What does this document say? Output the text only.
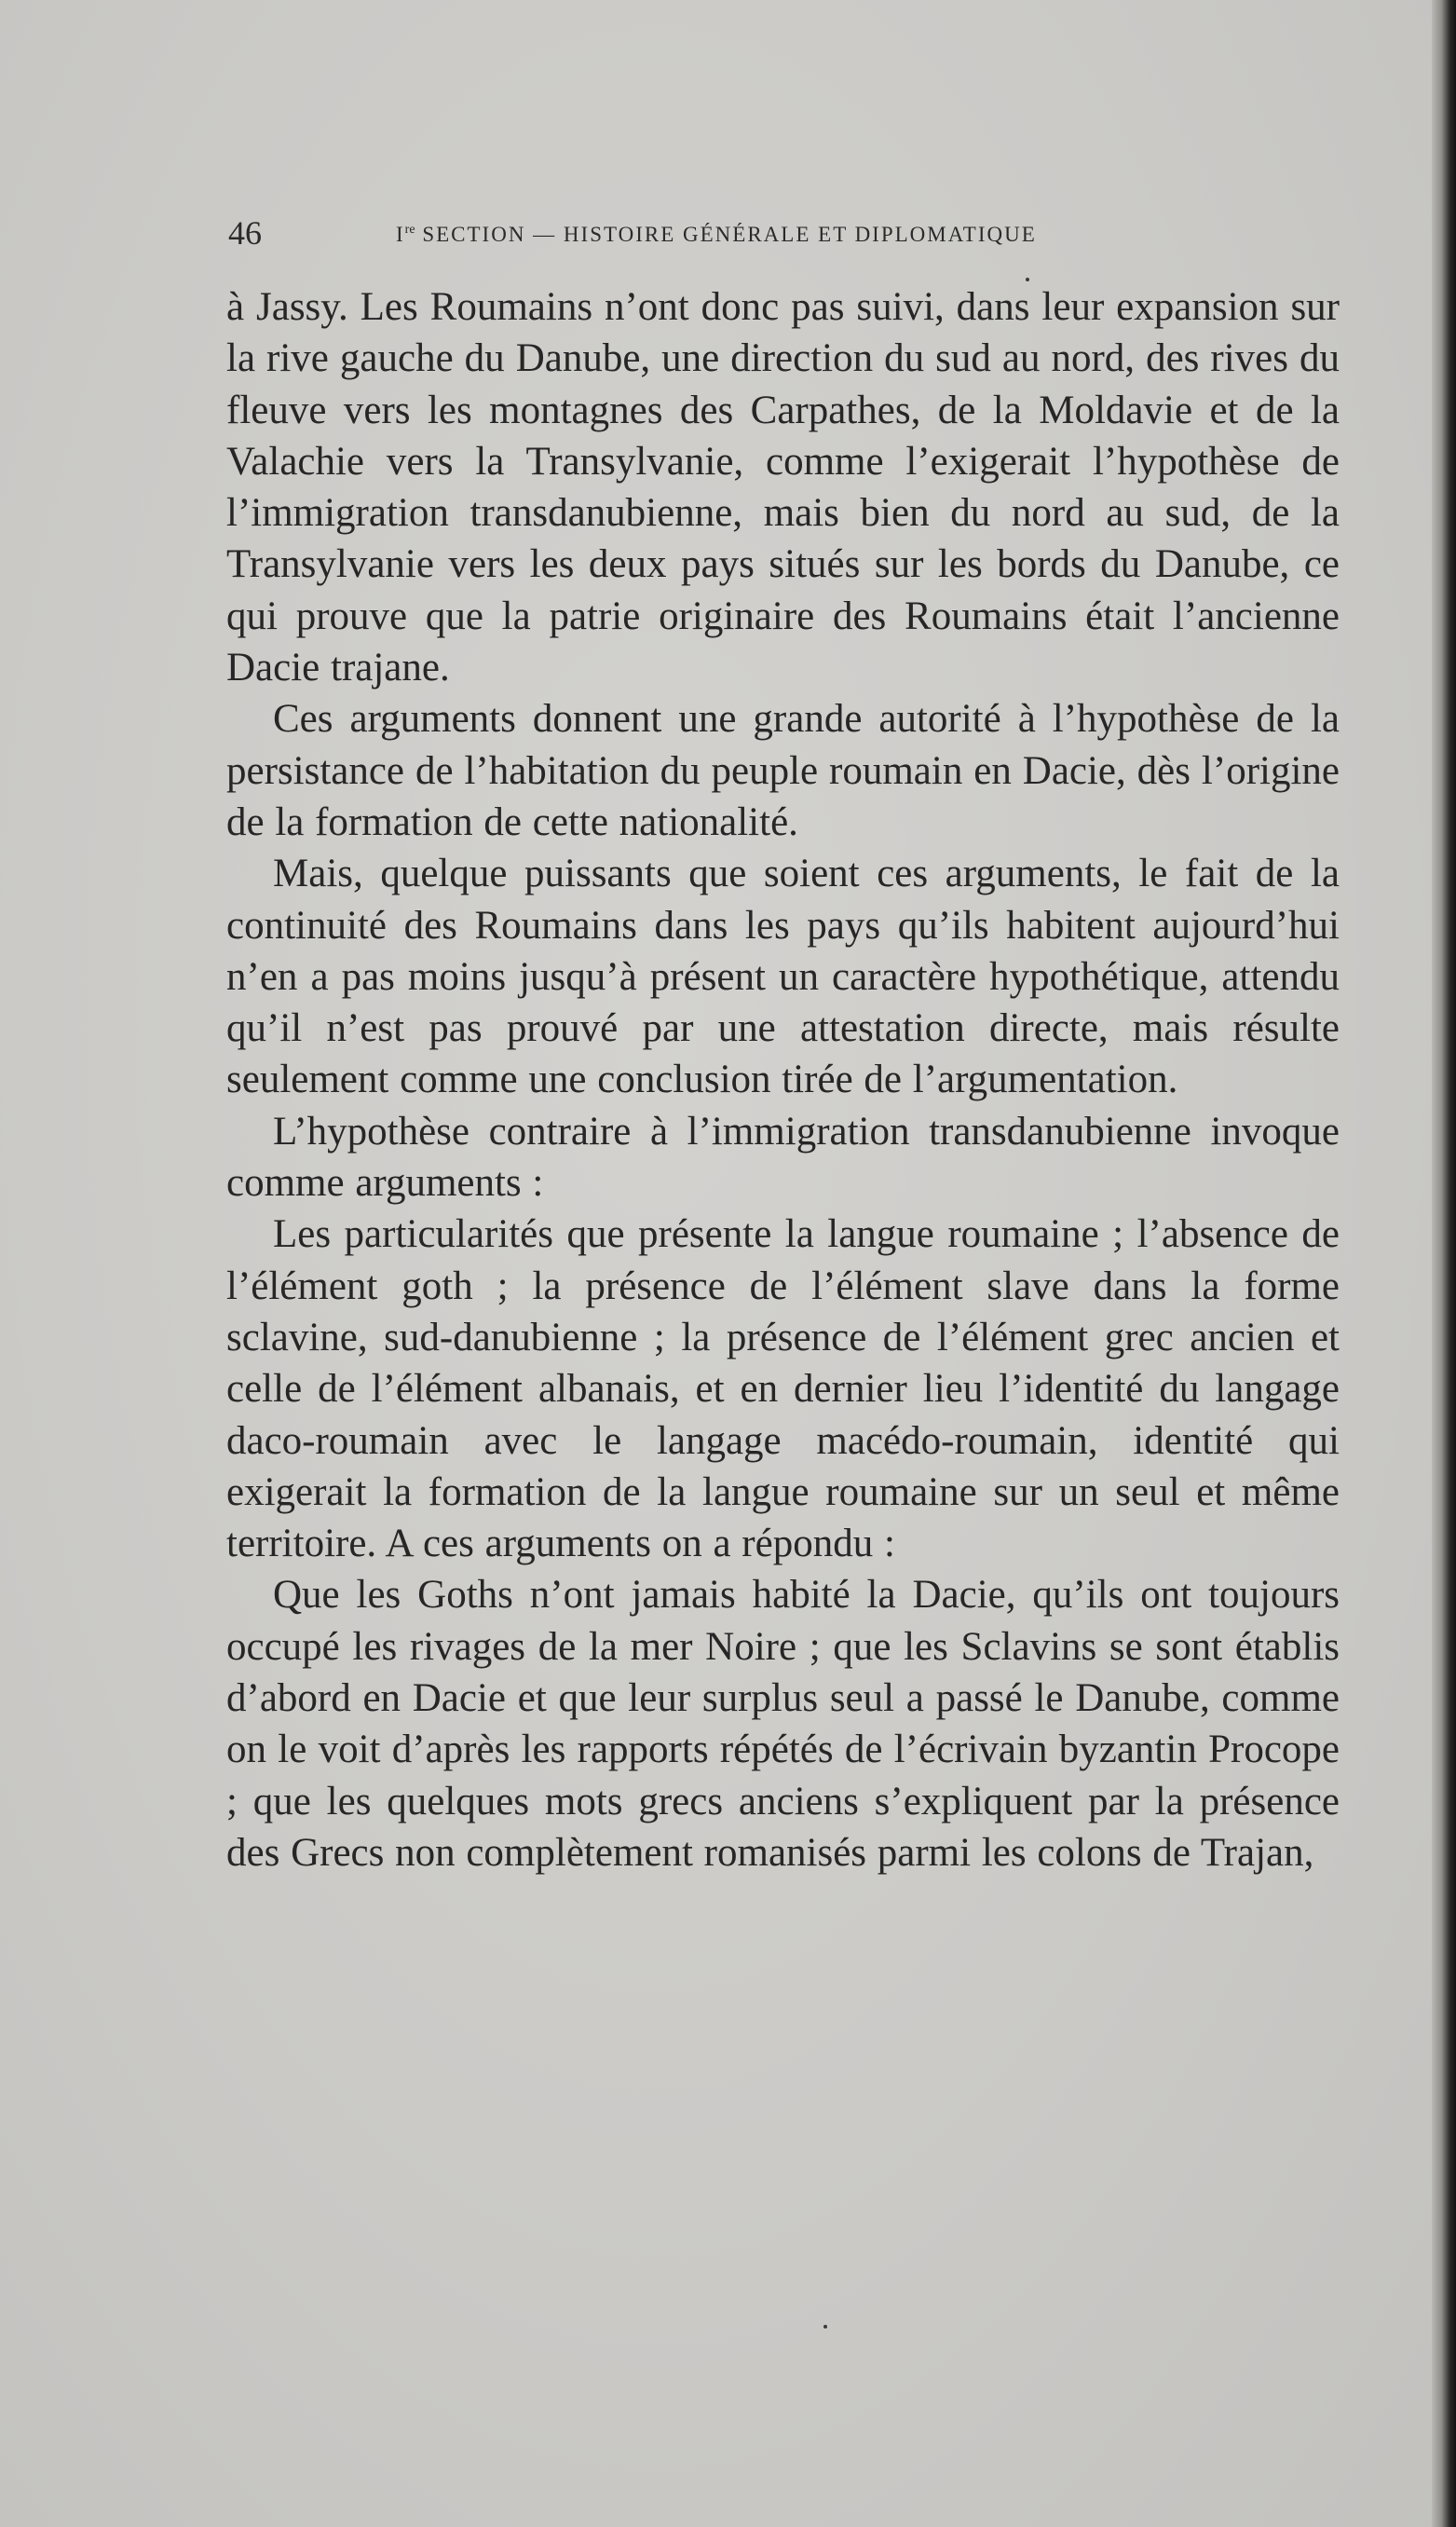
46	Ire SECTION — HISTOIRE GÉNÉRALE ET DIPLOMATIQUE

à Jassy. Les Roumains n’ont donc pas suivi, dans leur expansion sur la rive gauche du Danube, une direction du sud au nord, des rives du fleuve vers les montagnes des Carpathes, de la Moldavie et de la Valachie vers la Transylvanie, comme l’exigerait l’hypothèse de l’immigration transdanubienne, mais bien du nord au sud, de la Transylvanie vers les deux pays situés sur les bords du Danube, ce qui prouve que la patrie originaire des Roumains était l’ancienne Dacie trajane.

Ces arguments donnent une grande autorité à l’hypothèse de la persistance de l’habitation du peuple roumain en Dacie, dès l’origine de la formation de cette nationalité.

Mais, quelque puissants que soient ces arguments, le fait de la continuité des Roumains dans les pays qu’ils habitent aujourd’hui n’en a pas moins jusqu’à présent un caractère hypothétique, attendu qu’il n’est pas prouvé par une attestation directe, mais résulte seulement comme une conclusion tirée de l’argumentation.

L’hypothèse contraire à l’immigration transdanubienne invoque comme arguments :

Les particularités que présente la langue roumaine ; l’absence de l’élément goth ; la présence de l’élément slave dans la forme sclavine, sud-danubienne ; la présence de l’élément grec ancien et celle de l’élément albanais, et en dernier lieu l’identité du langage daco-roumain avec le langage macédo-roumain, identité qui exigerait la formation de la langue roumaine sur un seul et même territoire. A ces arguments on a répondu :

Que les Goths n’ont jamais habité la Dacie, qu’ils ont toujours occupé les rivages de la mer Noire ; que les Sclavins se sont établis d’abord en Dacie et que leur surplus seul a passé le Danube, comme on le voit d’après les rapports répétés de l’écrivain byzantin Procope ; que les quelques mots grecs anciens s’expliquent par la présence des Grecs non complètement romanisés parmi les colons de Trajan,
